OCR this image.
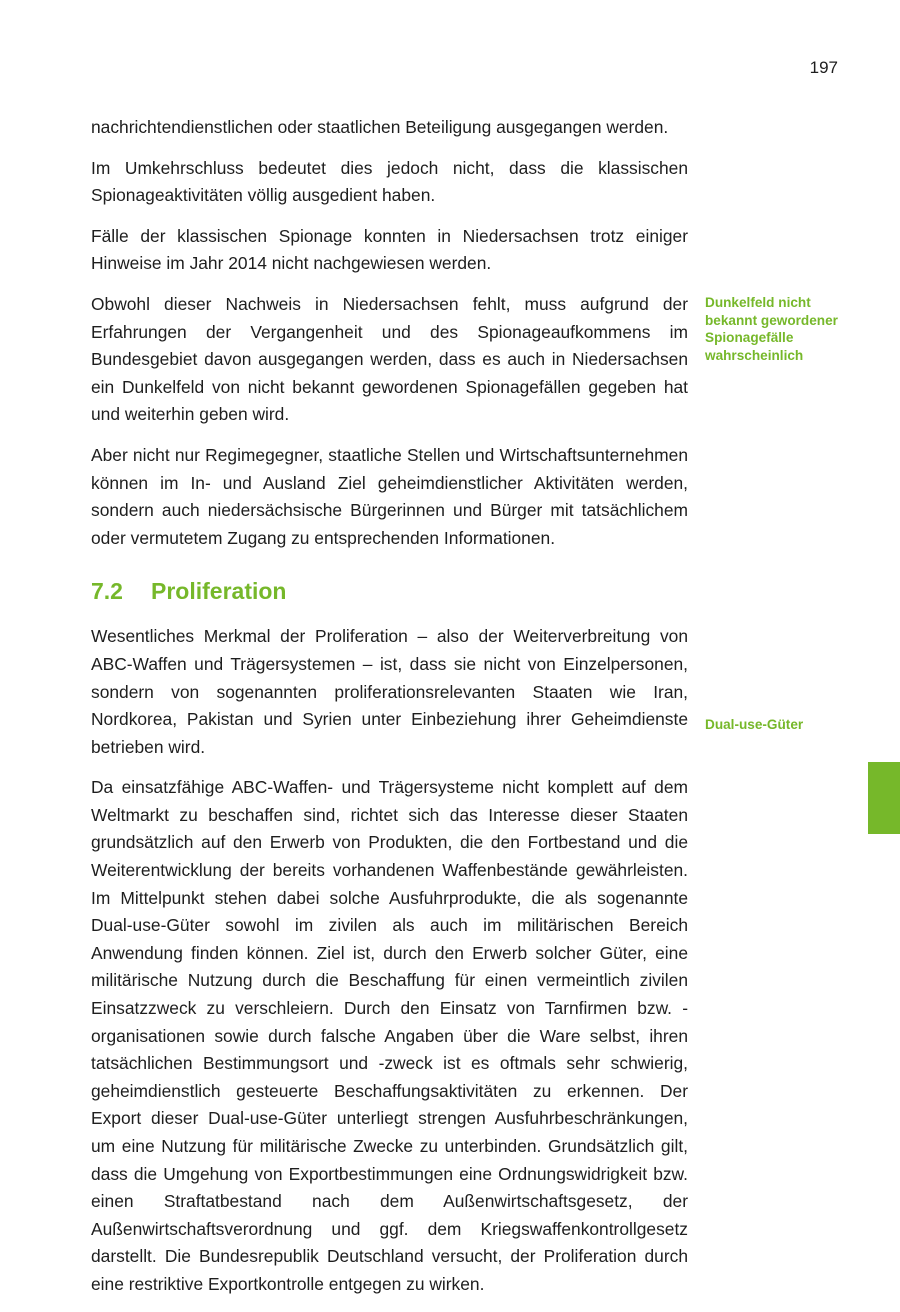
197

nachrichtendienstlichen oder staatlichen Beteiligung ausgegangen werden.

Im Umkehrschluss bedeutet dies jedoch nicht, dass die klassischen Spionageaktivitäten völlig ausgedient haben.

Fälle der klassischen Spionage konnten in Niedersachsen trotz einiger Hinweise im Jahr 2014 nicht nachgewiesen werden.

Obwohl dieser Nachweis in Niedersachsen fehlt, muss aufgrund der Erfahrungen der Vergangenheit und des Spionageaufkommens im Bundesgebiet davon ausgegangen werden, dass es auch in Niedersachsen ein Dunkelfeld von nicht bekannt gewordenen Spionagefällen gegeben hat und weiterhin geben wird.

Aber nicht nur Regimegegner, staatliche Stellen und Wirtschaftsunternehmen können im In- und Ausland Ziel geheimdienstlicher Aktivitäten werden, sondern auch niedersächsische Bürgerinnen und Bürger mit tatsächlichem oder vermutetem Zugang zu entsprechenden Informationen.

7.2 Proliferation

Wesentliches Merkmal der Proliferation – also der Weiterverbreitung von ABC-Waffen und Trägersystemen – ist, dass sie nicht von Einzelpersonen, sondern von sogenannten proliferationsrelevanten Staaten wie Iran, Nordkorea, Pakistan und Syrien unter Einbeziehung ihrer Geheimdienste betrieben wird.

Da einsatzfähige ABC-Waffen- und Trägersysteme nicht komplett auf dem Weltmarkt zu beschaffen sind, richtet sich das Interesse dieser Staaten grundsätzlich auf den Erwerb von Produkten, die den Fortbestand und die Weiterentwicklung der bereits vorhandenen Waffenbestände gewährleisten. Im Mittelpunkt stehen dabei solche Ausfuhrprodukte, die als sogenannte Dual-use-Güter sowohl im zivilen als auch im militärischen Bereich Anwendung finden können. Ziel ist, durch den Erwerb solcher Güter, eine militärische Nutzung durch die Beschaffung für einen vermeintlich zivilen Einsatzzweck zu verschleiern. Durch den Einsatz von Tarnfirmen bzw. -organisationen sowie durch falsche Angaben über die Ware selbst, ihren tatsächlichen Bestimmungsort und -zweck ist es oftmals sehr schwierig, geheimdienstlich gesteuerte Beschaffungsaktivitäten zu erkennen. Der Export dieser Dual-use-Güter unterliegt strengen Ausfuhrbeschränkungen, um eine Nutzung für militärische Zwecke zu unterbinden. Grundsätzlich gilt, dass die Umgehung von Exportbestimmungen eine Ordnungswidrigkeit bzw. einen Straftatbestand nach dem Außenwirtschaftsgesetz, der Außenwirtschaftsverordnung und ggf. dem Kriegswaffenkontrollgesetz darstellt. Die Bundesrepublik Deutschland versucht, der Proliferation durch eine restriktive Exportkontrolle entgegen zu wirken.

Dunkelfeld nicht bekannt gewordener Spionagefälle wahrscheinlich
Dual-use-Güter
